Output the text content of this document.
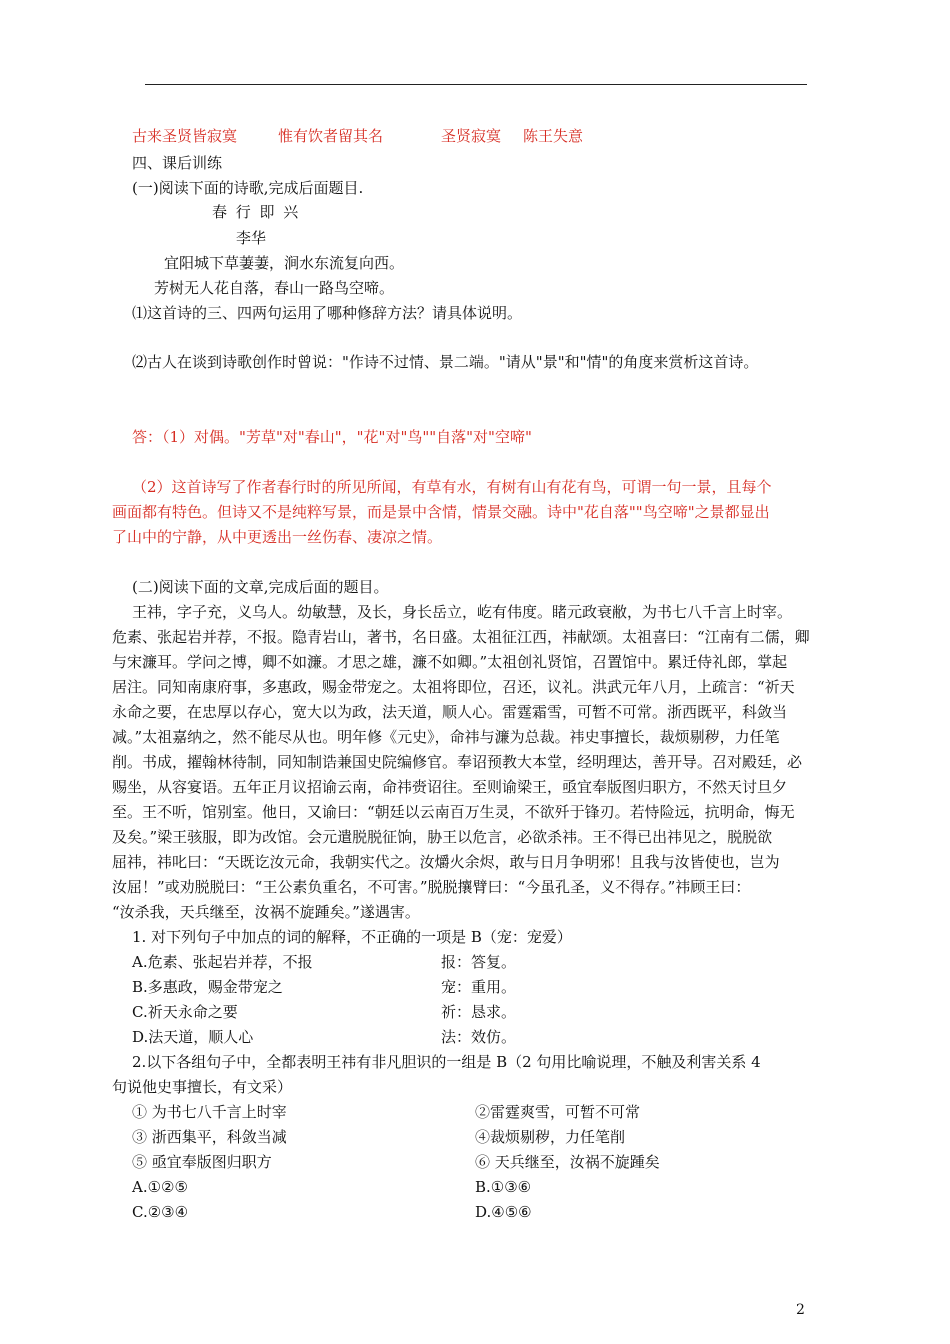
古来圣贤皆寂寞	惟有饮者留其名	圣贤寂寞 陈王失意
四、课后训练
(一)阅读下面的诗歌,完成后面题目.
春 行 即 兴
李华
宜阳城下草萋萋，涧水东流复向西。
芳树无人花自落，春山一路鸟空啼。
⑴这首诗的三、四两句运用了哪种修辞方法？请具体说明。
⑵古人在谈到诗歌创作时曾说："作诗不过情、景二端。"请从"景"和"情"的角度来赏析这首诗。
答：（1）对偶。"芳草"对"春山"，"花"对"鸟""自落"对"空啼"
（2）这首诗写了作者春行时的所见所闻，有草有水，有树有山有花有鸟，可谓一句一景，且每个
画面都有特色。但诗又不是纯粹写景，而是景中含情，情景交融。诗中"花自落""鸟空啼"之景都显出
了山中的宁静，从中更透出一丝伤春、凄凉之情。
(二)阅读下面的文章,完成后面的题目。
王祎，字子充，义乌人。幼敏慧，及长，身长岳立，屹有伟度。睹元政衰敝，为书七八千言上时宰。
危素、张起岩并荐，不报。隐青岩山，著书，名日盛。太祖征江西，祎献颂。太祖喜曰：“江南有二儒，卿
与宋濂耳。学问之博，卿不如濂。才思之雄，濂不如卿。”太祖创礼贤馆，召置馆中。累迁侍礼郎，掌起
居注。同知南康府事，多惠政，赐金带宠之。太祖将即位，召还，议礼。洪武元年八月，上疏言：“祈天
永命之要，在忠厚以存心，宽大以为政，法天道，顺人心。雷霆霜雪，可暂不可常。浙西既平，科敛当
减。”太祖嘉纳之，然不能尽从也。明年修《元史》，命祎与濂为总裁。祎史事擅长，裁烦剔秽，力任笔
削。书成，擢翰林待制，同知制诰兼国史院编修官。奉诏预教大本堂，经明理达，善开导。召对殿廷，必
赐坐，从容宴语。五年正月议招谕云南，命祎赍诏往。至则谕梁王，亟宜奉版图归职方，不然天讨旦夕
至。王不听，馆别室。他日，又谕曰：“朝廷以云南百万生灵，不欲歼于锋刃。若恃险远，抗明命，悔无
及矣。”梁王骇服，即为改馆。会元遣脱脱征饷，胁王以危言，必欲杀祎。王不得已出祎见之，脱脱欲
屈祎，祎叱曰：“天既讫汝元命，我朝实代之。汝爝火余烬，敢与日月争明邪！且我与汝皆使也，岂为
汝屈！”或劝脱脱曰：“王公素负重名，不可害。”脱脱攘臂曰：“今虽孔圣，义不得存。”祎顾王曰：
“汝杀我，天兵继至，汝祸不旋踵矣。”遂遇害。
1. 对下列句子中加点的词的解释，不正确的一项是 B（宠：宠爱）
A.危素、张起岩并荐，不报	报：答复。
B.多惠政，赐金带宠之	宠：重用。
C.祈天永命之要	祈：恳求。
D.法天道，顺人心	法：效仿。
2.以下各组句子中，全都表明王祎有非凡胆识的一组是 B（2 句用比喻说理，不触及利害关系 4
句说他史事擅长，有文采）
① 为书七八千言上时宰	②雷霆爽雪，可暂不可常
③ 浙西集平，科敛当减	④裁烦剔秽，力任笔削
⑤ 亟宜奉版图归职方	⑥ 天兵继至，汝祸不旋踵矣
A.①②⑤	B.①③⑥
C.②③④	D.④⑤⑥
2
